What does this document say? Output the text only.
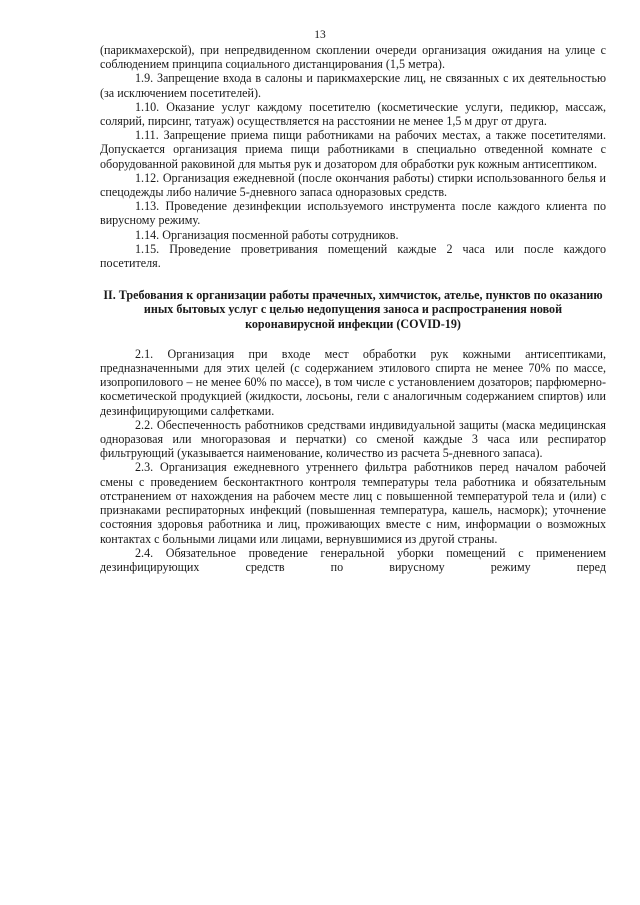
13

(парикмахерской), при непредвиденном скоплении очереди организация ожидания на улице с соблюдением принципа социального дистанцирования (1,5 метра).

1.9. Запрещение входа в салоны и парикмахерские лиц, не связанных с их деятельностью (за исключением посетителей).

1.10. Оказание услуг каждому посетителю (косметические услуги, педикюр, массаж, солярий, пирсинг, татуаж) осуществляется на расстоянии не менее 1,5 м друг от друга.

1.11. Запрещение приема пищи работниками на рабочих местах, а также посетителями. Допускается организация приема пищи работниками в специально отведенной комнате с оборудованной раковиной для мытья рук и дозатором для обработки рук кожным антисептиком.

1.12. Организация ежедневной (после окончания работы) стирки использованного белья и спецодежды либо наличие 5-дневного запаса одноразовых средств.

1.13. Проведение дезинфекции используемого инструмента после каждого клиента по вирусному режиму.

1.14. Организация посменной работы сотрудников.

1.15. Проведение проветривания помещений каждые 2 часа или после каждого посетителя.

II. Требования к организации работы прачечных, химчисток, ателье, пунктов по оказанию иных бытовых услуг с целью недопущения заноса и распространения новой коронавирусной инфекции (COVID-19)

2.1. Организация при входе мест обработки рук кожными антисептиками, предназначенными для этих целей (с содержанием этилового спирта не менее 70% по массе, изопропилового – не менее 60% по массе), в том числе с установлением дозаторов; парфюмерно-косметической продукцией (жидкости, лосьоны, гели с аналогичным содержанием спиртов) или дезинфицирующими салфетками.

2.2. Обеспеченность работников средствами индивидуальной защиты (маска медицинская одноразовая или многоразовая и перчатки) со сменой каждые 3 часа или респиратор фильтрующий (указывается наименование, количество из расчета 5-дневного запаса).

2.3. Организация ежедневного утреннего фильтра работников перед началом рабочей смены с проведением бесконтактного контроля температуры тела работника и обязательным отстранением от нахождения на рабочем месте лиц с повышенной температурой тела и (или) с признаками респираторных инфекций (повышенная температура, кашель, насморк); уточнение состояния здоровья работника и лиц, проживающих вместе с ним, информации о возможных контактах с больными лицами или лицами, вернувшимися из другой страны.

2.4. Обязательное проведение генеральной уборки помещений с применением дезинфицирующих средств по вирусному режиму перед
